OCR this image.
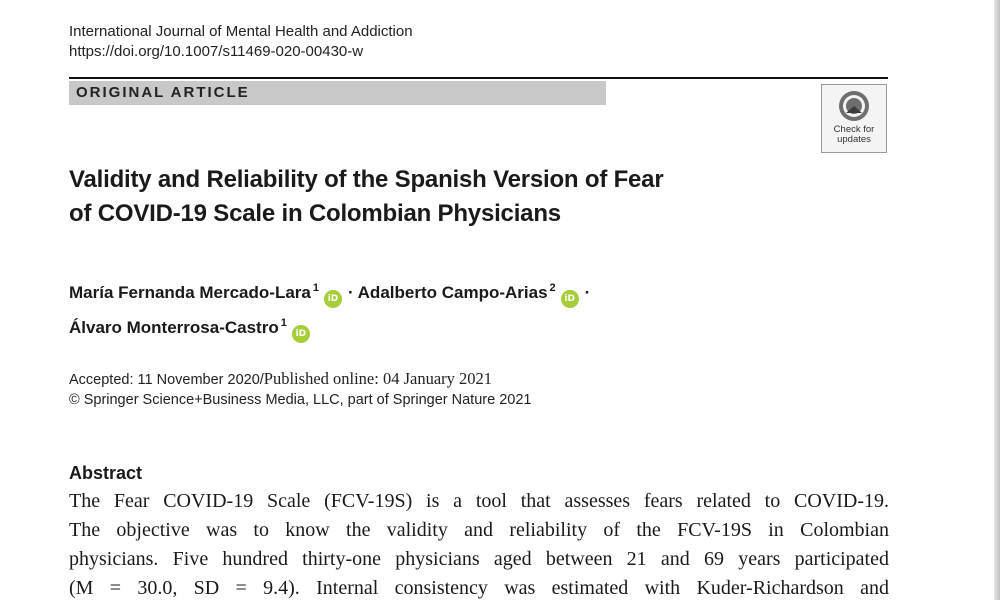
International Journal of Mental Health and Addiction
https://doi.org/10.1007/s11469-020-00430-w
ORIGINAL ARTICLE
Check for
updates
Validity and Reliability of the Spanish Version of Fear
of COVID-19 Scale in Colombian Physicians
María Fernanda Mercado-Lara $^1$iD · Adalberto Campo-Arias $^2$iD ·
Álvaro Monterrosa-Castro $^1$iD
Accepted: 11 November 2020/Published online: 04 January 2021
© Springer Science+Business Media, LLC, part of Springer Nature 2021
Abstract
The Fear COVID-19 Scale (FCV-19S) is a tool that assesses fears related to COVID-19.
The objective was to know the validity and reliability of the FCV-19S in Colombian
physicians. Five hundred thirty-one physicians aged between 21 and 69 years participated
(M = 30.0, SD = 9.4). Internal consistency was estimated with Kuder-Richardson and
